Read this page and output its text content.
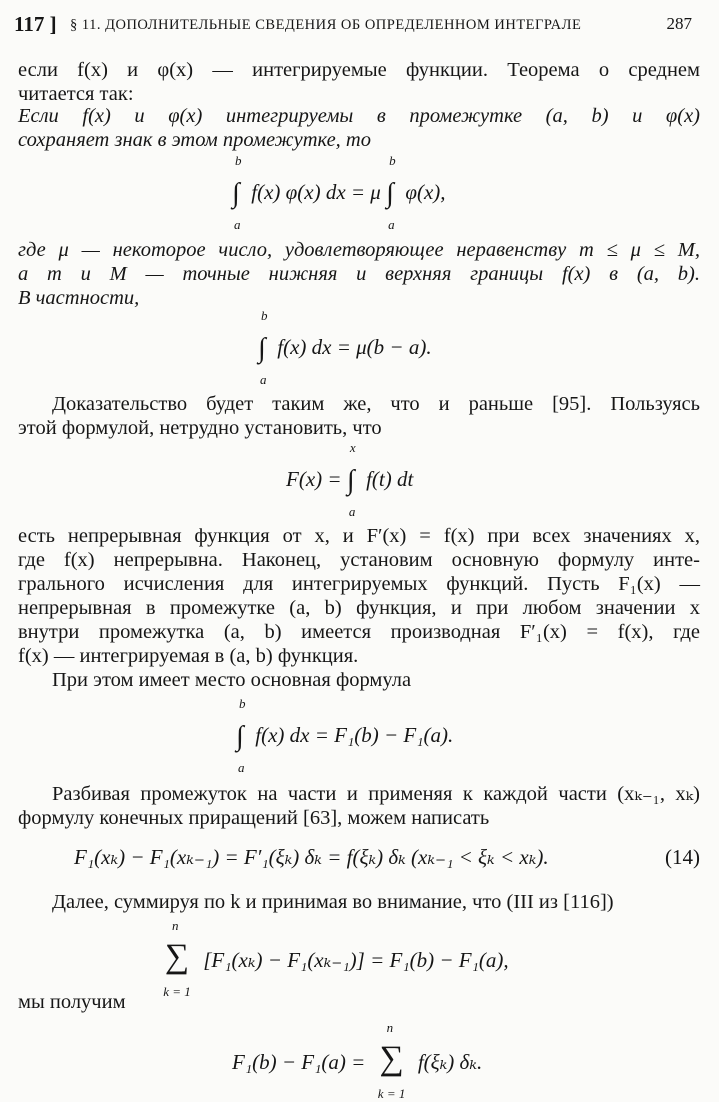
117 ] § 11. ДОПОЛНИТЕЛЬНЫЕ СВЕДЕНИЯ ОБ ОПРЕДЕЛЕННОМ ИНТЕГРАЛЕ	287
если f(x) и φ(x) — интегрируемые функции. Теорема о среднем
читается так:
Если f(x) и φ(x) интегрируемы в промежутке (a, b) и φ(x)
сохраняет знак в этом промежутке, то
∫
b
a
f(x) φ(x) dx = μ ∫
b
a
φ(x),
где μ — некоторое число, удовлетворяющее неравенству m ≤ μ ≤ M,
a m и M — точные нижняя и верхняя границы f(x) в (a, b).
В частности,
∫
b
a
f(x) dx = μ(b − a).
Доказательство будет таким же, что и раньше [95]. Пользуясь
этой формулой, нетрудно установить, что
F(x) = ∫
x
a
f(t) dt
есть непрерывная функция от x, и F′(x) = f(x) при всех значениях x,
где f(x) непрерывна. Наконец, установим основную формулу инте-
грального исчисления для интегрируемых функций. Пусть F₁(x) —
непрерывная в промежутке (a, b) функция, и при любом значении x
внутри промежутка (a, b) имеется производная F′₁(x) = f(x), где
f(x) — интегрируемая в (a, b) функция.
При этом имеет место основная формула
∫
b
a
f(x) dx = F₁(b) − F₁(a).
Разбивая промежуток на части и применяя к каждой части (xₖ₋₁, xₖ)
формулу конечных приращений [63], можем написать
F₁(xₖ) − F₁(xₖ₋₁) = F′₁(ξₖ) δₖ = f(ξₖ) δₖ (xₖ₋₁ < ξₖ < xₖ).	(14)
Далее, суммируя по k и принимая во внимание, что (III из [116])
∑
n
k = 1
[F₁(xₖ) − F₁(xₖ₋₁)] = F₁(b) − F₁(a),
мы получим
F₁(b) − F₁(a) = ∑
n
k = 1
f(ξₖ) δₖ.
